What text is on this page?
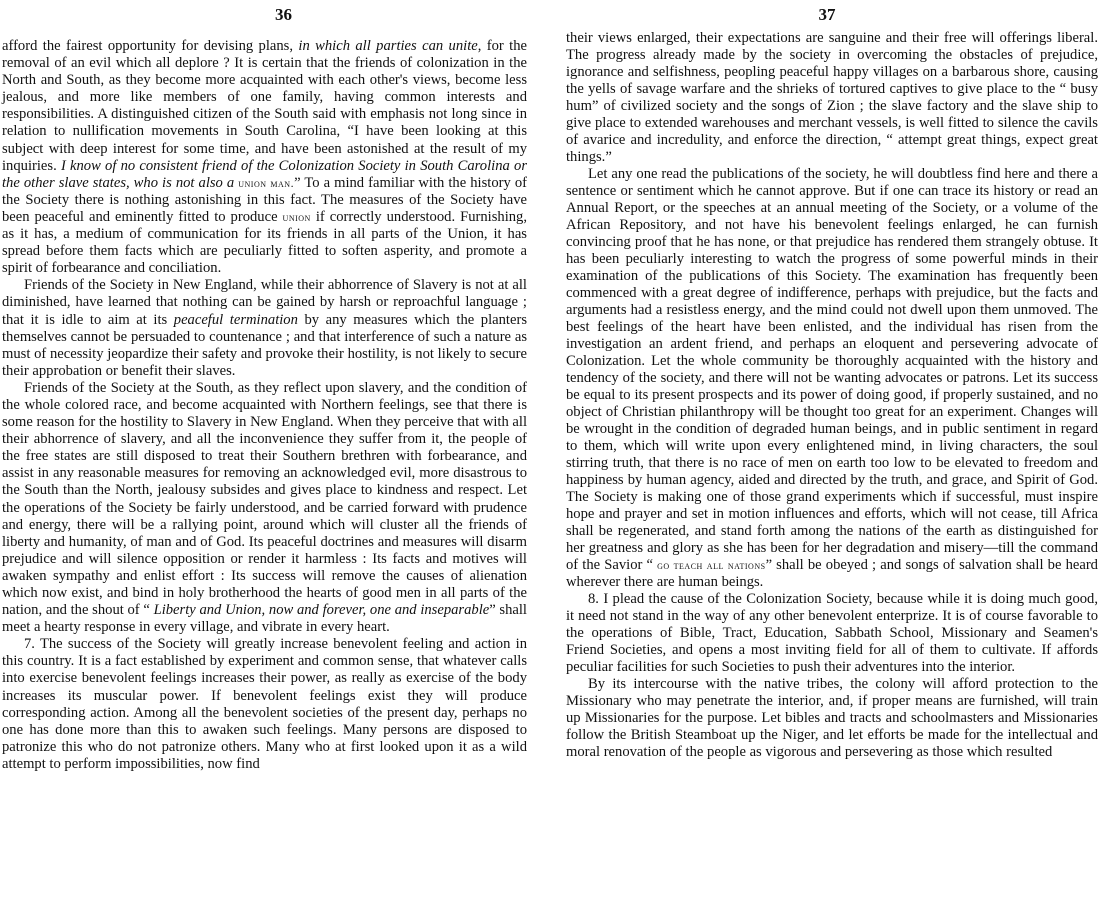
36

afford the fairest opportunity for devising plans, in which all parties can unite, for the removal of an evil which all deplore ? It is certain that the friends of colonization in the North and South, as they become more acquainted with each other's views, become less jealous, and more like members of one family, having common interests and responsibilities. A distinguished citizen of the South said with emphasis not long since in relation to nullification movements in South Carolina, “I have been looking at this subject with deep interest for some time, and have been astonished at the result of my inquiries. I know of no consistent friend of the Colonization Society in South Carolina or the other slave states, who is not also a union man.” To a mind familiar with the history of the Society there is nothing astonishing in this fact. The measures of the Society have been peaceful and eminently fitted to produce union if correctly understood. Furnishing, as it has, a medium of communication for its friends in all parts of the Union, it has spread before them facts which are peculiarly fitted to soften asperity, and promote a spirit of forbearance and conciliation.

Friends of the Society in New England, while their abhorrence of Slavery is not at all diminished, have learned that nothing can be gained by harsh or reproachful language ; that it is idle to aim at its peaceful termination by any measures which the planters themselves cannot be persuaded to countenance ; and that interference of such a nature as must of necessity jeopardize their safety and provoke their hostility, is not likely to secure their approbation or benefit their slaves.

Friends of the Society at the South, as they reflect upon slavery, and the condition of the whole colored race, and become acquainted with Northern feelings, see that there is some reason for the hostility to Slavery in New England. When they perceive that with all their abhorrence of slavery, and all the inconvenience they suffer from it, the people of the free states are still disposed to treat their Southern brethren with forbearance, and assist in any reasonable measures for removing an acknowledged evil, more disastrous to the South than the North, jealousy subsides and gives place to kindness and respect. Let the operations of the Society be fairly understood, and be carried forward with prudence and energy, there will be a rallying point, around which will cluster all the friends of liberty and humanity, of man and of God. Its peaceful doctrines and measures will disarm prejudice and will silence opposition or render it harmless : Its facts and motives will awaken sympathy and enlist effort : Its success will remove the causes of alienation which now exist, and bind in holy brotherhood the hearts of good men in all parts of the nation, and the shout of “ Liberty and Union, now and forever, one and inseparable” shall meet a hearty response in every village, and vibrate in every heart.

7. The success of the Society will greatly increase benevolent feeling and action in this country. It is a fact established by experiment and common sense, that whatever calls into exercise benevolent feelings increases their power, as really as exercise of the body increases its muscular power. If benevolent feelings exist they will produce corresponding action. Among all the benevolent societies of the present day, perhaps no one has done more than this to awaken such feelings. Many persons are disposed to patronize this who do not patronize others. Many who at first looked upon it as a wild attempt to perform impossibilities, now find

37

their views enlarged, their expectations are sanguine and their free will offerings liberal. The progress already made by the society in overcoming the obstacles of prejudice, ignorance and selfishness, peopling peaceful happy villages on a barbarous shore, causing the yells of savage warfare and the shrieks of tortured captives to give place to the “ busy hum” of civilized society and the songs of Zion ; the slave factory and the slave ship to give place to extended warehouses and merchant vessels, is well fitted to silence the cavils of avarice and incredulity, and enforce the direction, “ attempt great things, expect great things.”

Let any one read the publications of the society, he will doubtless find here and there a sentence or sentiment which he cannot approve. But if one can trace its history or read an Annual Report, or the speeches at an annual meeting of the Society, or a volume of the African Repository, and not have his benevolent feelings enlarged, he can furnish convincing proof that he has none, or that prejudice has rendered them strangely obtuse. It has been peculiarly interesting to watch the progress of some powerful minds in their examination of the publications of this Society. The examination has frequently been commenced with a great degree of indifference, perhaps with prejudice, but the facts and arguments had a resistless energy, and the mind could not dwell upon them unmoved. The best feelings of the heart have been enlisted, and the individual has risen from the investigation an ardent friend, and perhaps an eloquent and persevering advocate of Colonization. Let the whole community be thoroughly acquainted with the history and tendency of the society, and there will not be wanting advocates or patrons. Let its success be equal to its present prospects and its power of doing good, if properly sustained, and no object of Christian philanthropy will be thought too great for an experiment. Changes will be wrought in the condition of degraded human beings, and in public sentiment in regard to them, which will write upon every enlightened mind, in living characters, the soul stirring truth, that there is no race of men on earth too low to be elevated to freedom and happiness by human agency, aided and directed by the truth, and grace, and Spirit of God. The Society is making one of those grand experiments which if successful, must inspire hope and prayer and set in motion influences and efforts, which will not cease, till Africa shall be regenerated, and stand forth among the nations of the earth as distinguished for her greatness and glory as she has been for her degradation and misery—till the command of the Savior “ go teach all nations” shall be obeyed ; and songs of salvation shall be heard wherever there are human beings.

8. I plead the cause of the Colonization Society, because while it is doing much good, it need not stand in the way of any other benevolent enterprize. It is of course favorable to the operations of Bible, Tract, Education, Sabbath School, Missionary and Seamen's Friend Societies, and opens a most inviting field for all of them to cultivate. If affords peculiar facilities for such Societies to push their adventures into the interior.

By its intercourse with the native tribes, the colony will afford protection to the Missionary who may penetrate the interior, and, if proper means are furnished, will train up Missionaries for the purpose. Let bibles and tracts and schoolmasters and Missionaries follow the British Steamboat up the Niger, and let efforts be made for the intellectual and moral renovation of the people as vigorous and persevering as those which resulted
